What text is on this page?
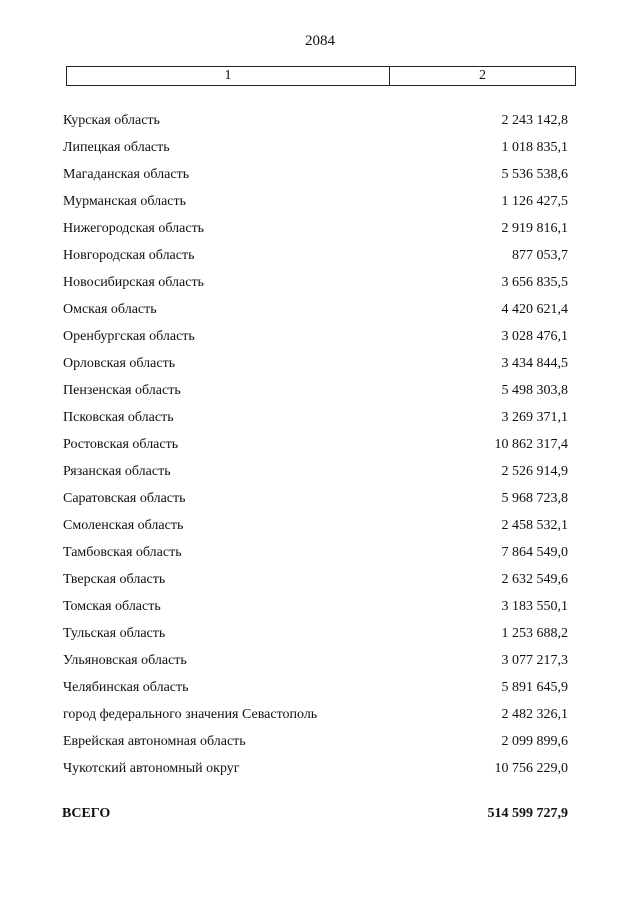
2084
1	2
Курская область	2 243 142,8
Липецкая область	1 018 835,1
Магаданская область	5 536 538,6
Мурманская область	1 126 427,5
Нижегородская область	2 919 816,1
Новгородская область	877 053,7
Новосибирская область	3 656 835,5
Омская область	4 420 621,4
Оренбургская область	3 028 476,1
Орловская область	3 434 844,5
Пензенская область	5 498 303,8
Псковская область	3 269 371,1
Ростовская область	10 862 317,4
Рязанская область	2 526 914,9
Саратовская область	5 968 723,8
Смоленская область	2 458 532,1
Тамбовская область	7 864 549,0
Тверская область	2 632 549,6
Томская область	3 183 550,1
Тульская область	1 253 688,2
Ульяновская область	3 077 217,3
Челябинская область	5 891 645,9
город федерального значения Севастополь	2 482 326,1
Еврейская автономная область	2 099 899,6
Чукотский автономный округ	10 756 229,0
ВСЕГО	514 599 727,9
